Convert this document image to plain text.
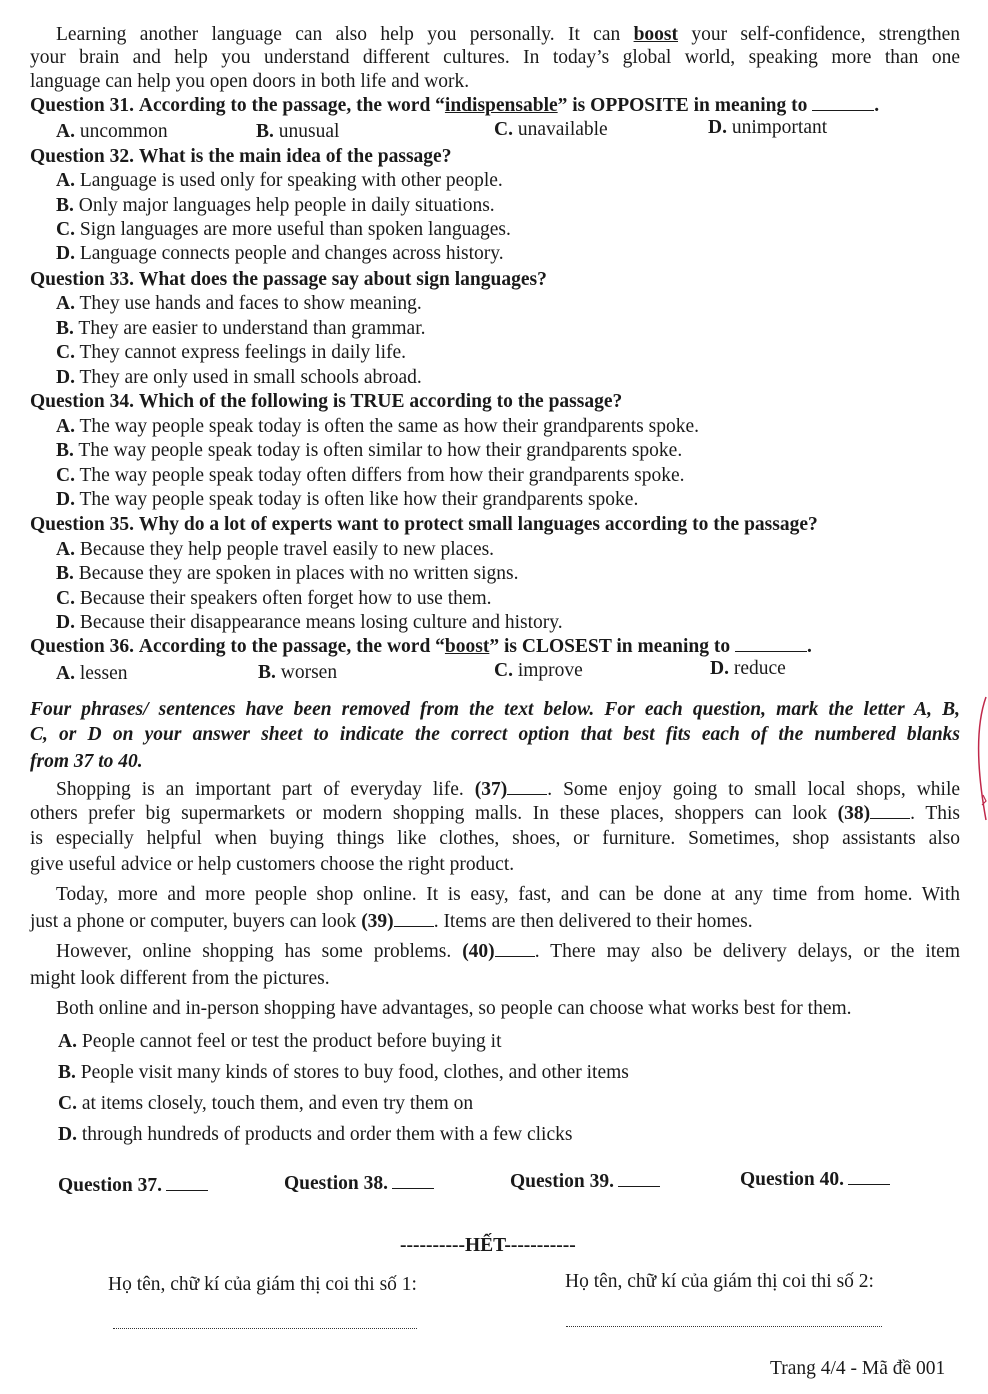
Learning another language can also help you personally. It can boost your self-confidence, strengthen
your brain and help you understand different cultures. In today’s global world, speaking more than one
language can help you open doors in both life and work.
Question 31. According to the passage, the word “indispensable” is OPPOSITE in meaning to	.
A. uncommon	B. unusual	C. unavailable	D. unimportant
Question 32. What is the main idea of the passage?
A. Language is used only for speaking with other people.
B. Only major languages help people in daily situations.
C. Sign languages are more useful than spoken languages.
D. Language connects people and changes across history.
Question 33. What does the passage say about sign languages?
A. They use hands and faces to show meaning.
B. They are easier to understand than grammar.
C. They cannot express feelings in daily life.
D. They are only used in small schools abroad.
Question 34. Which of the following is TRUE according to the passage?
A. The way people speak today is often the same as how their grandparents spoke.
B. The way people speak today is often similar to how their grandparents spoke.
C. The way people speak today often differs from how their grandparents spoke.
D. The way people speak today is often like how their grandparents spoke.
Question 35. Why do a lot of experts want to protect small languages according to the passage?
A. Because they help people travel easily to new places.
B. Because they are spoken in places with no written signs.
C. Because their speakers often forget how to use them.
D. Because their disappearance means losing culture and history.
Question 36. According to the passage, the word “boost” is CLOSEST in meaning to	.
A. lessen	B. worsen	C. improve	D. reduce
Four phrases/ sentences have been removed from the text below. For each question, mark the letter A, B,
C, or D on your answer sheet to indicate the correct option that best fits each of the numbered blanks
from 37 to 40.
Shopping is an important part of everyday life. (37) . Some enjoy going to small local shops, while
others prefer big supermarkets or modern shopping malls. In these places, shoppers can look (38) . This
is especially helpful when buying things like clothes, shoes, or furniture. Sometimes, shop assistants also
give useful advice or help customers choose the right product.
Today, more and more people shop online. It is easy, fast, and can be done at any time from home. With
just a phone or computer, buyers can look (39) . Items are then delivered to their homes.
However, online shopping has some problems. (40) . There may also be delivery delays, or the item
might look different from the pictures.
Both online and in-person shopping have advantages, so people can choose what works best for them.
A. People cannot feel or test the product before buying it
B. People visit many kinds of stores to buy food, clothes, and other items
C. at items closely, touch them, and even try them on
D. through hundreds of products and order them with a few clicks
Question 37.	Question 38.	Question 39.	Question 40.
----------HẾT-----------
Họ tên, chữ kí của giám thị coi thi số 1:	Họ tên, chữ kí của giám thị coi thi số 2:
Trang 4/4 - Mã đề 001
